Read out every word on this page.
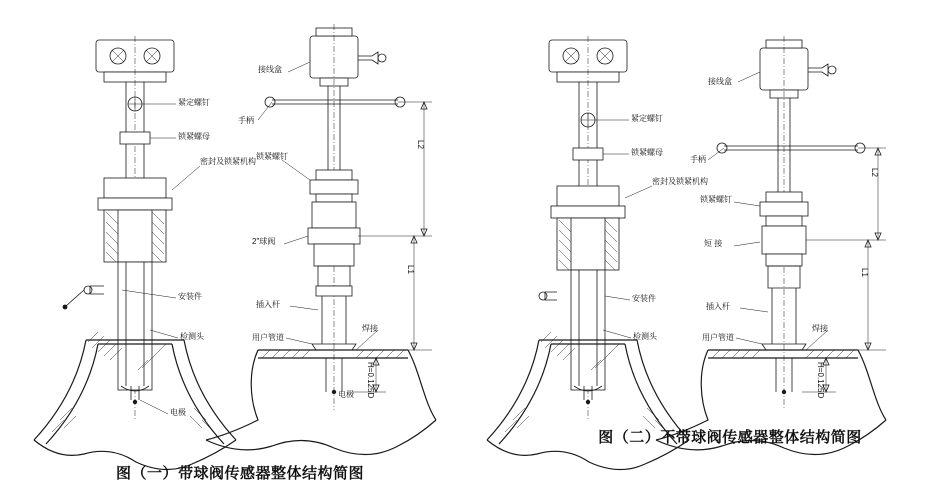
紧定螺钉
锁紧螺母
密封及锁紧机构
安装件
检测头
电极
接线盒
手柄
锁紧螺钉
2"球阀
插入杆
用户管道
焊接
电极
L2
L1
H=0.125D
图（一）带球阀传感器整体结构简图
紧定螺钉
锁紧螺母
密封及锁紧机构
安装件
检测头
接线盒
手柄
锁紧螺钉
短 接
插入杆
用户管道
焊接
L2
L1
H=0.125D
图（二）不带球阀传感器整体结构简图
